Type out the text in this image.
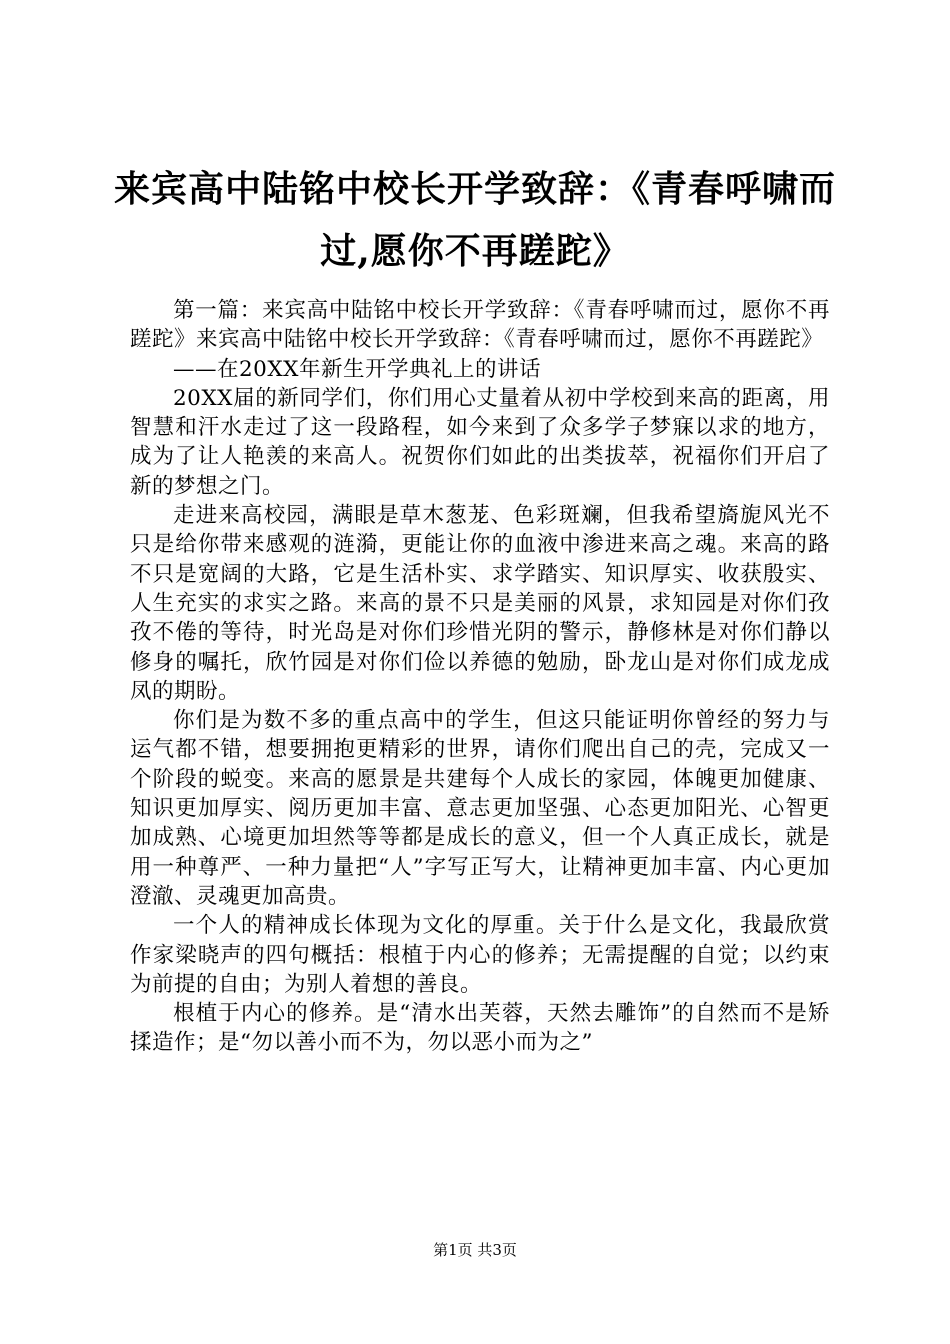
来宾高中陆铭中校长开学致辞：《青春呼啸而过,愿你不再蹉跎》

第一篇：来宾高中陆铭中校长开学致辞：《青春呼啸而过，愿你不再蹉跎》来宾高中陆铭中校长开学致辞：《青春呼啸而过，愿你不再蹉跎》

——在20XX年新生开学典礼上的讲话

20XX届的新同学们，你们用心丈量着从初中学校到来高的距离，用智慧和汗水走过了这一段路程，如今来到了众多学子梦寐以求的地方，成为了让人艳羡的来高人。祝贺你们如此的出类拔萃，祝福你们开启了新的梦想之门。

走进来高校园，满眼是草木葱茏、色彩斑斓，但我希望旖旎风光不只是给你带来感观的涟漪，更能让你的血液中渗进来高之魂。来高的路不只是宽阔的大路，它是生活朴实、求学踏实、知识厚实、收获殷实、人生充实的求实之路。来高的景不只是美丽的风景，求知园是对你们孜孜不倦的等待，时光岛是对你们珍惜光阴的警示，静修林是对你们静以修身的嘱托，欣竹园是对你们俭以养德的勉励，卧龙山是对你们成龙成凤的期盼。

你们是为数不多的重点高中的学生，但这只能证明你曾经的努力与运气都不错，想要拥抱更精彩的世界，请你们爬出自己的壳，完成又一个阶段的蜕变。来高的愿景是共建每个人成长的家园，体魄更加健康、知识更加厚实、阅历更加丰富、意志更加坚强、心态更加阳光、心智更加成熟、心境更加坦然等等都是成长的意义，但一个人真正成长，就是用一种尊严、一种力量把“人”字写正写大，让精神更加丰富、内心更加澄澈、灵魂更加高贵。

一个人的精神成长体现为文化的厚重。关于什么是文化，我最欣赏作家梁晓声的四句概括：根植于内心的修养；无需提醒的自觉；以约束为前提的自由；为别人着想的善良。

根植于内心的修养。是“清水出芙蓉，天然去雕饰”的自然而不是矫揉造作；是“勿以善小而不为，勿以恶小而为之”

第1页 共3页
